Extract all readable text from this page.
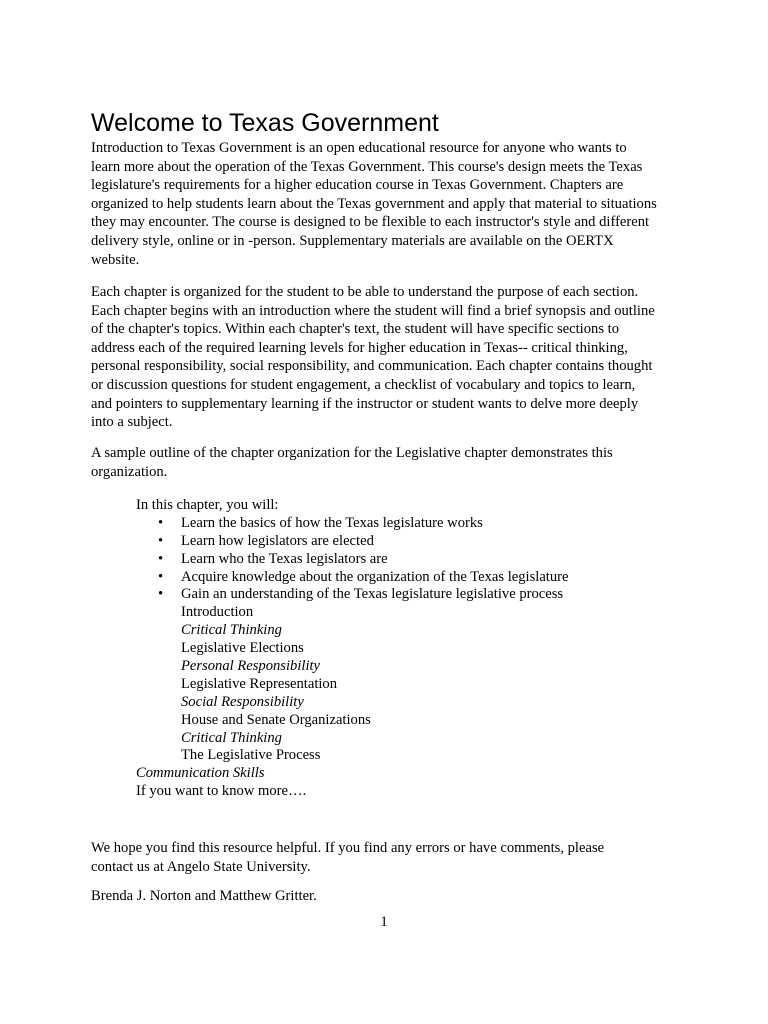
Welcome to Texas Government

Introduction to Texas Government is an open educational resource for anyone who wants to
learn more about the operation of the Texas Government. This course's design meets the Texas
legislature's requirements for a higher education course in Texas Government. Chapters are
organized to help students learn about the Texas government and apply that material to situations
they may encounter. The course is designed to be flexible to each instructor's style and different
delivery style, online or in -person. Supplementary materials are available on the OERTX
website.

Each chapter is organized for the student to be able to understand the purpose of each section.
Each chapter begins with an introduction where the student will find a brief synopsis and outline
of the chapter's topics. Within each chapter's text, the student will have specific sections to
address each of the required learning levels for higher education in Texas-- critical thinking,
personal responsibility, social responsibility, and communication. Each chapter contains thought
or discussion questions for student engagement, a checklist of vocabulary and topics to learn,
and pointers to supplementary learning if the instructor or student wants to delve more deeply
into a subject.

A sample outline of the chapter organization for the Legislative chapter demonstrates this
organization.

In this chapter, you will:
• Learn the basics of how the Texas legislature works
• Learn how legislators are elected
• Learn who the Texas legislators are
• Acquire knowledge about the organization of the Texas legislature
• Gain an understanding of the Texas legislature legislative process
Introduction
Critical Thinking
Legislative Elections
Personal Responsibility
Legislative Representation
Social Responsibility
House and Senate Organizations
Critical Thinking
The Legislative Process
Communication Skills
If you want to know more….

We hope you find this resource helpful. If you find any errors or have comments, please
contact us at Angelo State University.

Brenda J. Norton and Matthew Gritter.

1
